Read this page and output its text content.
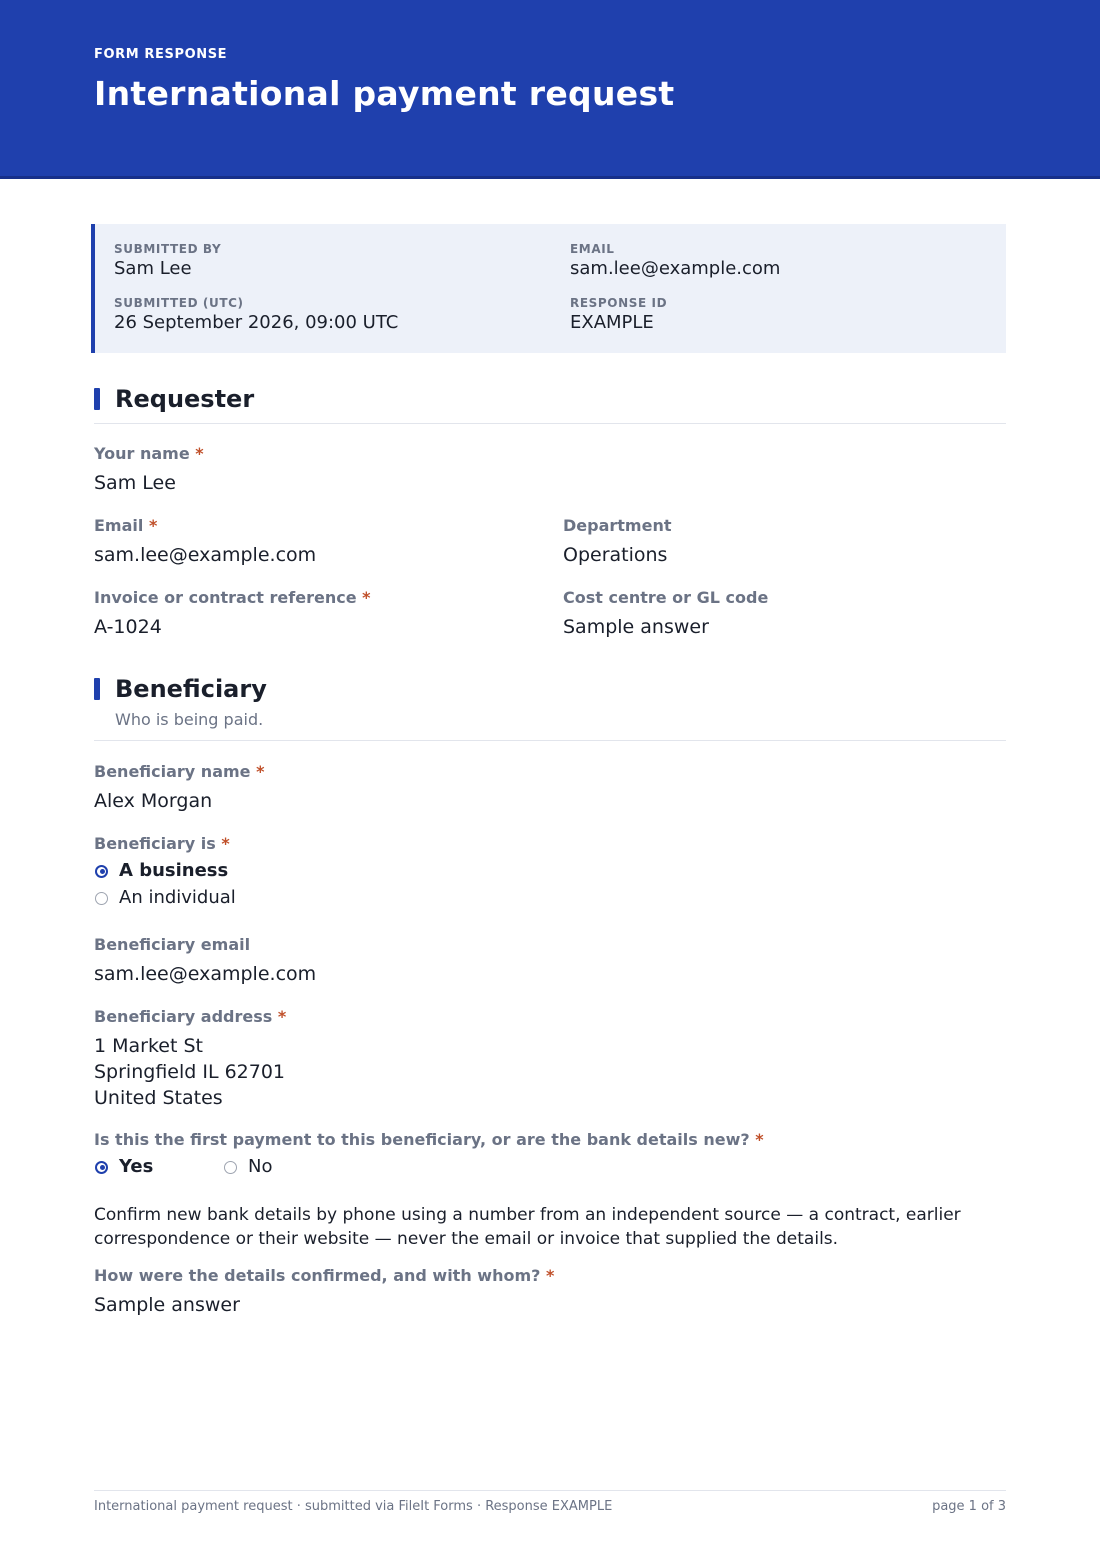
FORM RESPONSE
International payment request
SUBMITTED BY
Sam Lee
EMAIL
sam.lee@example.com
SUBMITTED (UTC)
26 September 2026, 09:00 UTC
RESPONSE ID
EXAMPLE
Requester
Your name *
Sam Lee
Email *
sam.lee@example.com
Department
Operations
Invoice or contract reference *
A-1024
Cost centre or GL code
Sample answer
Beneficiary
Who is being paid.
Beneficiary name *
Alex Morgan
Beneficiary is *
A business
An individual
Beneficiary email
sam.lee@example.com
Beneficiary address *
1 Market St
Springfield IL 62701
United States
Is this the first payment to this beneficiary, or are the bank details new? *
Yes	No

Confirm new bank details by phone using a number from an independent source — a contract, earlier correspondence or their website — never the email or invoice that supplied the details.

How were the details confirmed, and with whom? *
Sample answer
International payment request · submitted via FileIt Forms · Response EXAMPLE	page 1 of 3
